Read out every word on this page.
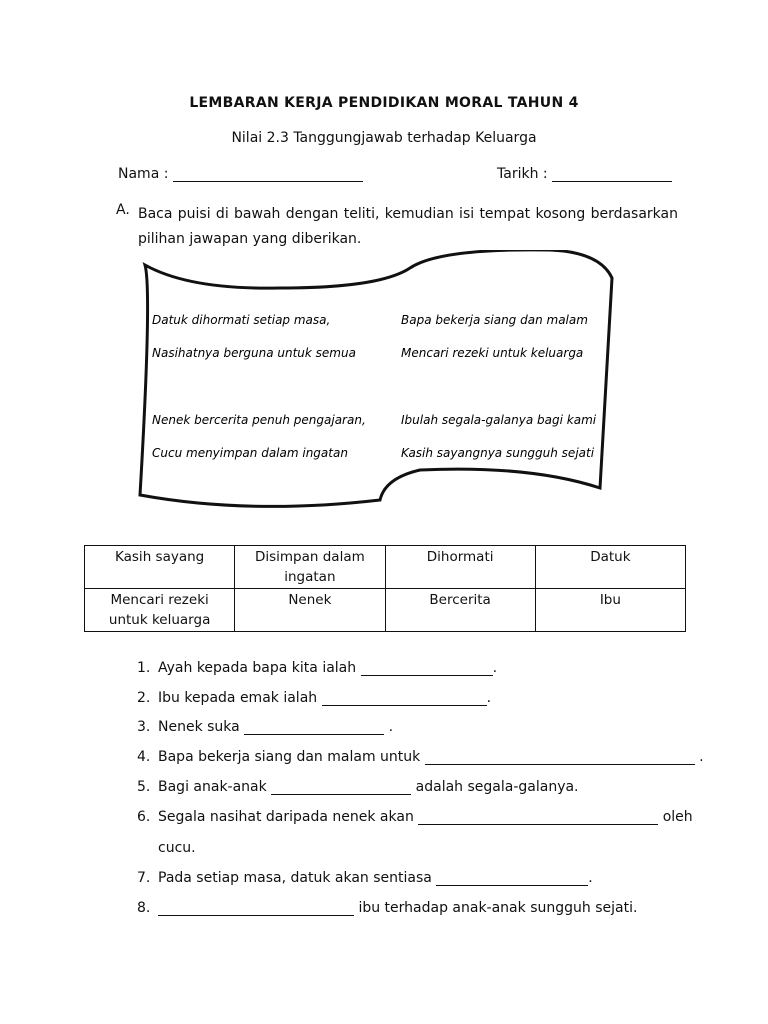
LEMBARAN KERJA PENDIDIKAN MORAL TAHUN 4
Nilai 2.3 Tanggungjawab terhadap Keluarga
Nama :	Tarikh :
A. Baca puisi di bawah dengan teliti, kemudian isi tempat kosong berdasarkan pilihan jawapan yang diberikan.
Datuk dihormati setiap masa,
Nasihatnya berguna untuk semua
Nenek bercerita penuh pengajaran,
Cucu menyimpan dalam ingatan
Bapa bekerja siang dan malam
Mencari rezeki untuk keluarga
Ibulah segala-galanya bagi kami
Kasih sayangnya sungguh sejati
Kasih sayang	Disimpan dalam ingatan	Dihormati	Datuk
Mencari rezeki untuk keluarga	Nenek	Bercerita	Ibu
1. Ayah kepada bapa kita ialah	.
2. Ibu kepada emak ialah	.
3. Nenek suka	.
4. Bapa bekerja siang dan malam untuk	.
5. Bagi anak-anak	adalah segala-galanya.
6. Segala nasihat daripada nenek akan	oleh
cucu.
7. Pada setiap masa, datuk akan sentiasa	.
8.	ibu terhadap anak-anak sungguh sejati.
